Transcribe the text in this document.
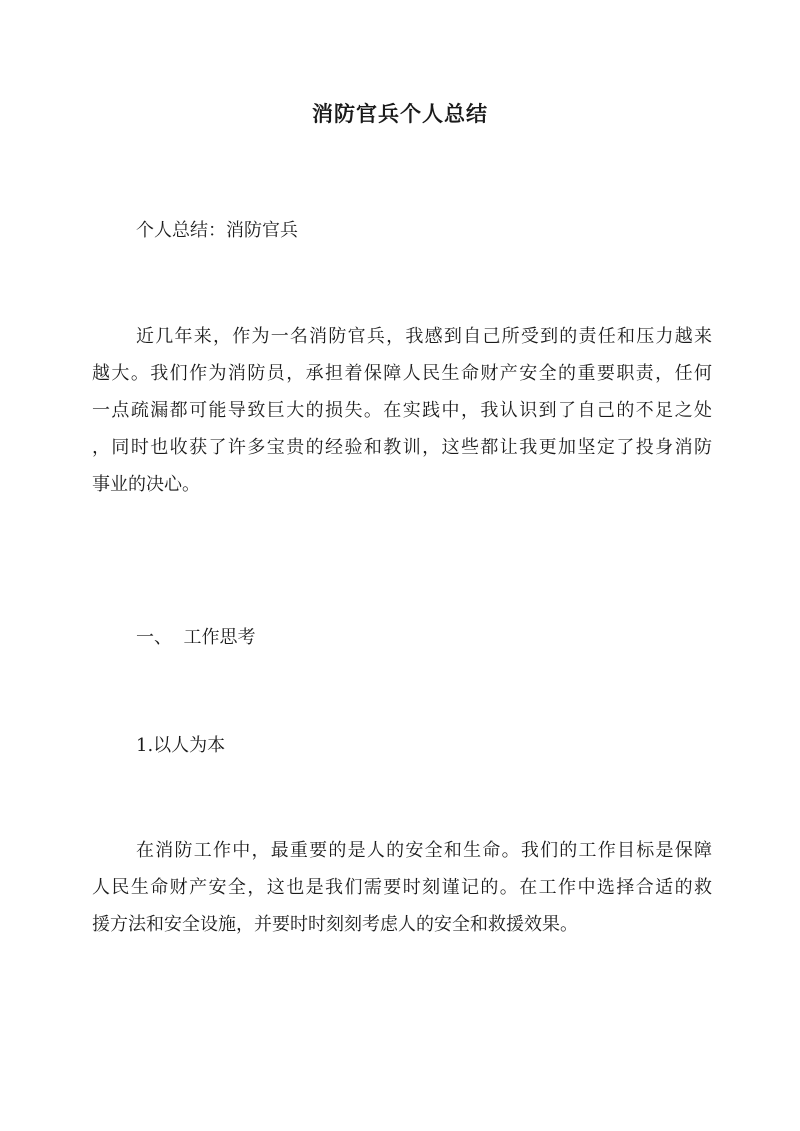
消防官兵个人总结
个人总结：消防官兵
近几年来，作为一名消防官兵，我感到自己所受到的责任和压力越来
越大。我们作为消防员，承担着保障人民生命财产安全的重要职责，任何
一点疏漏都可能导致巨大的损失。在实践中，我认识到了自己的不足之处
，同时也收获了许多宝贵的经验和教训，这些都让我更加坚定了投身消防
事业的决心。
一、  工作思考
1.以人为本
在消防工作中，最重要的是人的安全和生命。我们的工作目标是保障
人民生命财产安全，这也是我们需要时刻谨记的。在工作中选择合适的救
援方法和安全设施，并要时时刻刻考虑人的安全和救援效果。
